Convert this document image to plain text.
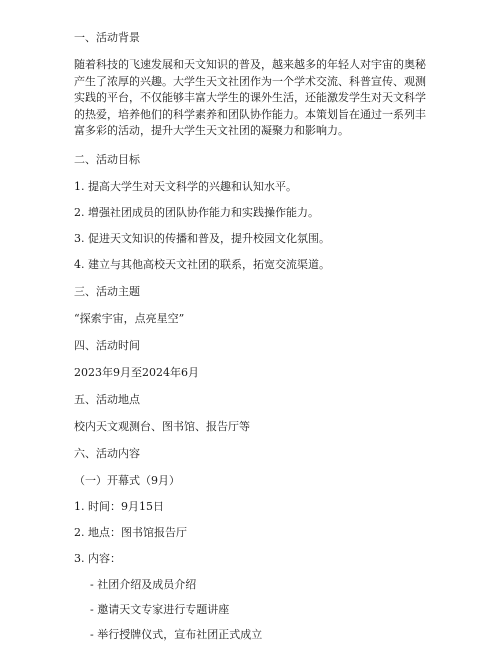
一、活动背景

随着科技的飞速发展和天文知识的普及，越来越多的年轻人对宇宙的奥秘产生了浓厚的兴趣。大学生天文社团作为一个学术交流、科普宣传、观测实践的平台，不仅能够丰富大学生的课外生活，还能激发学生对天文科学的热爱，培养他们的科学素养和团队协作能力。本策划旨在通过一系列丰富多彩的活动，提升大学生天文社团的凝聚力和影响力。

二、活动目标

1. 提高大学生对天文科学的兴趣和认知水平。

2. 增强社团成员的团队协作能力和实践操作能力。

3. 促进天文知识的传播和普及，提升校园文化氛围。

4. 建立与其他高校天文社团的联系，拓宽交流渠道。

三、活动主题

“探索宇宙，点亮星空”

四、活动时间

2023年9月至2024年6月

五、活动地点

校内天文观测台、图书馆、报告厅等

六、活动内容

（一）开幕式（9月）

1. 时间：9月15日

2. 地点：图书馆报告厅

3. 内容：

- 社团介绍及成员介绍

- 邀请天文专家进行专题讲座

- 举行授牌仪式，宣布社团正式成立
